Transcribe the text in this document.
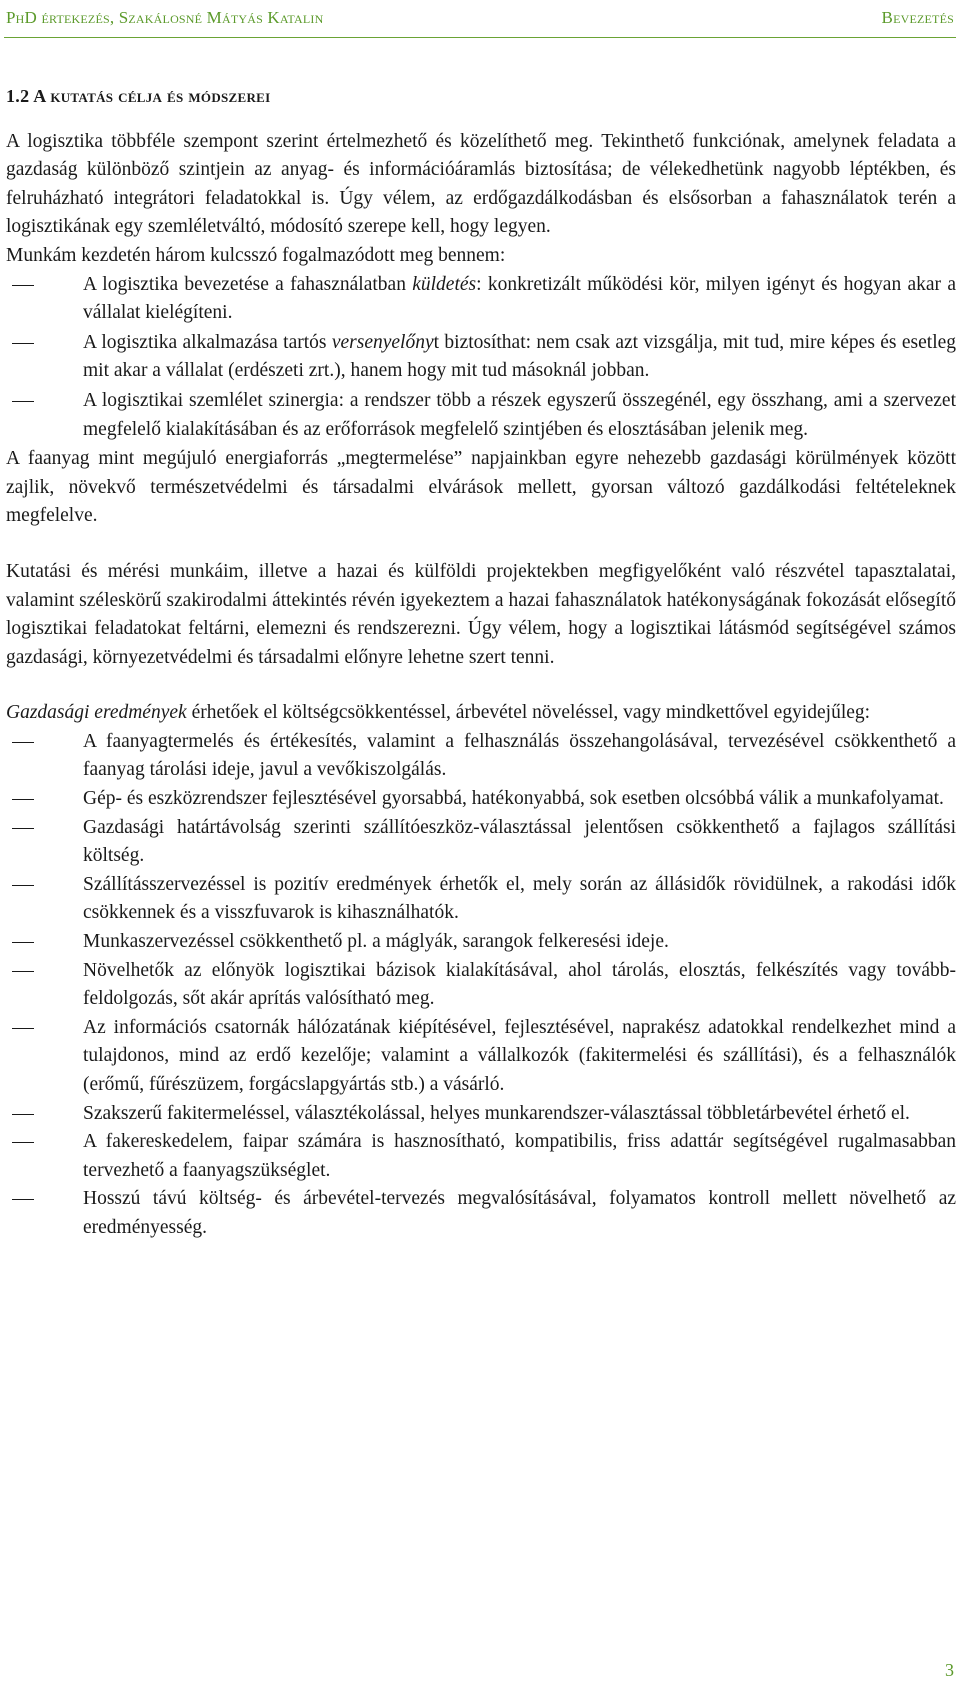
PhD értekezés, Szakálosné Mátyás Katalin	Bevezetés
1.2 A kutatás célja és módszerei

A logisztika többféle szempont szerint értelmezhető és közelíthető meg. Tekinthető funkciónak, amelynek feladata a gazdaság különböző szintjein az anyag- és információáramlás biztosítása; de vélekedhetünk nagyobb léptékben, és felruházható integrátori feladatokkal is. Úgy vélem, az erdőgazdálkodásban és elsősorban a fahasználatok terén a logisztikának egy szemléletváltó, módosító szerepe kell, hogy legyen.

Munkám kezdetén három kulcsszó fogalmazódott meg bennem:

A logisztika bevezetése a fahasználatban küldetés: konkretizált működési kör, milyen igényt és hogyan akar a vállalat kielégíteni.
A logisztika alkalmazása tartós versenyelőnyt biztosíthat: nem csak azt vizsgálja, mit tud, mire képes és esetleg mit akar a vállalat (erdészeti zrt.), hanem hogy mit tud másoknál jobban.
A logisztikai szemlélet szinergia: a rendszer több a részek egyszerű összegénél, egy összhang, ami a szervezet megfelelő kialakításában és az erőforrások megfelelő szintjében és elosztásában jelenik meg.

A faanyag mint megújuló energiaforrás „megtermelése” napjainkban egyre nehezebb gazdasági körülmények között zajlik, növekvő természetvédelmi és társadalmi elvárások mellett, gyorsan változó gazdálkodási feltételeknek megfelelve.

Kutatási és mérési munkáim, illetve a hazai és külföldi projektekben megfigyelőként való részvétel tapasztalatai, valamint széleskörű szakirodalmi áttekintés révén igyekeztem a hazai fahasználatok hatékonyságának fokozását elősegítő logisztikai feladatokat feltárni, elemezni és rendszerezni. Úgy vélem, hogy a logisztikai látásmód segítségével számos gazdasági, környezetvédelmi és társadalmi előnyre lehetne szert tenni.

Gazdasági eredmények érhetőek el költségcsökkentéssel, árbevétel növeléssel, vagy mindkettővel egyidejűleg:

A faanyagtermelés és értékesítés, valamint a felhasználás összehangolásával, tervezésével csökkenthető a faanyag tárolási ideje, javul a vevőkiszolgálás.
Gép- és eszközrendszer fejlesztésével gyorsabbá, hatékonyabbá, sok esetben olcsóbbá válik a munkafolyamat.
Gazdasági határtávolság szerinti szállítóeszköz-választással jelentősen csökkenthető a fajlagos szállítási költség.
Szállításszervezéssel is pozitív eredmények érhetők el, mely során az állásidők rövidülnek, a rakodási idők csökkennek és a visszfuvarok is kihasználhatók.
Munkaszervezéssel csökkenthető pl. a máglyák, sarangok felkeresési ideje.
Növelhetők az előnyök logisztikai bázisok kialakításával, ahol tárolás, elosztás, felkészítés vagy tovább-feldolgozás, sőt akár aprítás valósítható meg.
Az információs csatornák hálózatának kiépítésével, fejlesztésével, naprakész adatokkal rendelkezhet mind a tulajdonos, mind az erdő kezelője; valamint a vállalkozók (fakitermelési és szállítási), és a felhasználók (erőmű, fűrészüzem, forgácslapgyártás stb.) a vásárló.
Szakszerű fakitermeléssel, választékolással, helyes munkarendszer-választással többletárbevétel érhető el.
A fakereskedelem, faipar számára is hasznosítható, kompatibilis, friss adattár segítségével rugalmasabban tervezhető a faanyagszükséglet.
Hosszú távú költség- és árbevétel-tervezés megvalósításával, folyamatos kontroll mellett növelhető az eredményesség.
3
